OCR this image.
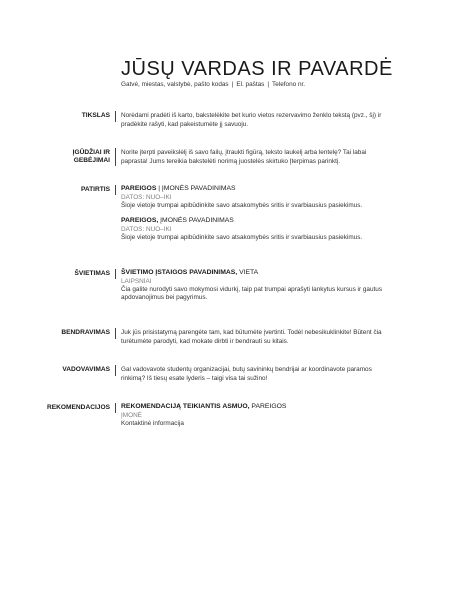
JŪSŲ VARDAS IR PAVARDĖ

Gatvė, miestas, valstybė, pašto kodas | El. paštas | Telefono nr.

TIKSLAS Norėdami pradėti iš karto, bakstelėkite bet kurio vietos rezervavimo ženklo tekstą (pvz., šį) ir pradėkite rašyti, kad pakeistumėte jį savuoju.

ĮGŪDŽIAI IR
GEBĖJIMAI

Norite įterpti paveikslėlį iš savo failų, įtraukti figūrą, teksto laukelį arba lentelę? Tai labai paprasta! Jums tereikia bakstelėti norimą juostelės skirtuko Įterpimas parinktį.

PATIRTIS PAREIGOS | ĮMONĖS PAVADINIMAS

DATOS: NUO–IKI

Šioje vietoje trumpai apibūdinkite savo atsakomybės sritis ir svarbiausius pasiekimus.

PAREIGOS, ĮMONĖS PAVADINIMAS

DATOS: NUO–IKI

Šioje vietoje trumpai apibūdinkite savo atsakomybės sritis ir svarbiausius pasiekimus.

ŠVIETIMAS ŠVIETIMO ĮSTAIGOS PAVADINIMAS, VIETA

LAIPSNIAI

Čia galite nurodyti savo mokymosi vidurkį, taip pat trumpai aprašyti lankytus kursus ir gautus apdovanojimus bei pagyrimus.

BENDRAVIMAS Juk jūs prisistatymą parengėte tam, kad būtumėte įvertinti. Todėl nebesikuklinkite! Būtent čia turėtumėte parodyti, kad mokate dirbti ir bendrauti su kitais.

VADOVAVIMAS Gal vadovavote studentų organizacijai, butų savininkų bendrijai ar koordinavote paramos rinkimą? Iš tiesų esate lyderis – taigi visa tai sužino!

REKOMENDACIJOS REKOMENDACIJĄ TEIKIANTIS ASMUO, PAREIGOS

ĮMONĖ

Kontaktinė informacija
